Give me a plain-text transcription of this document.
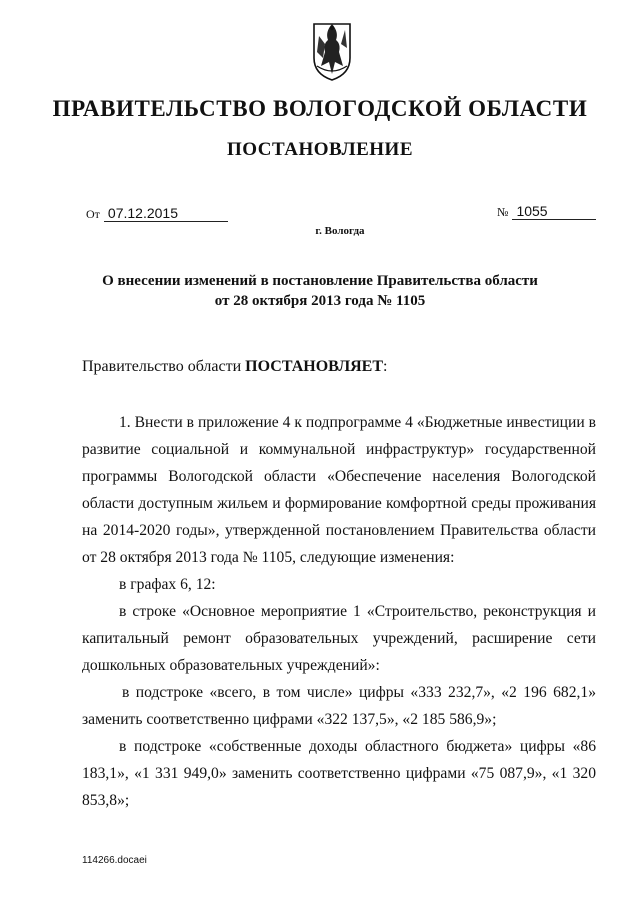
ПРАВИТЕЛЬСТВО ВОЛОГОДСКОЙ ОБЛАСТИ
ПОСТАНОВЛЕНИЕ
От 07.12.2015	№ 1055
г. Вологда
О внесении изменений в постановление Правительства области
от 28 октября 2013 года № 1105
Правительство области ПОСТАНОВЛЯЕТ:

1. Внести в приложение 4 к подпрограмме 4 «Бюджетные инвестиции в развитие социальной и коммунальной инфраструктур» государственной программы Вологодской области «Обеспечение населения Вологодской области доступным жильем и формирование комфортной среды проживания на 2014-2020 годы», утвержденной постановлением Правительства области от 28 октября 2013 года № 1105, следующие изменения:

в графах 6, 12:

в строке «Основное мероприятие 1 «Строительство, реконструкция и капитальный ремонт образовательных учреждений, расширение сети дошкольных образовательных учреждений»:

в подстроке «всего, в том числе» цифры «333 232,7», «2 196 682,1» заменить соответственно цифрами «322 137,5», «2 185 586,9»;

в подстроке «собственные доходы областного бюджета» цифры «86 183,1», «1 331 949,0» заменить соответственно цифрами «75 087,9», «1 320 853,8»;

114266.docaei
